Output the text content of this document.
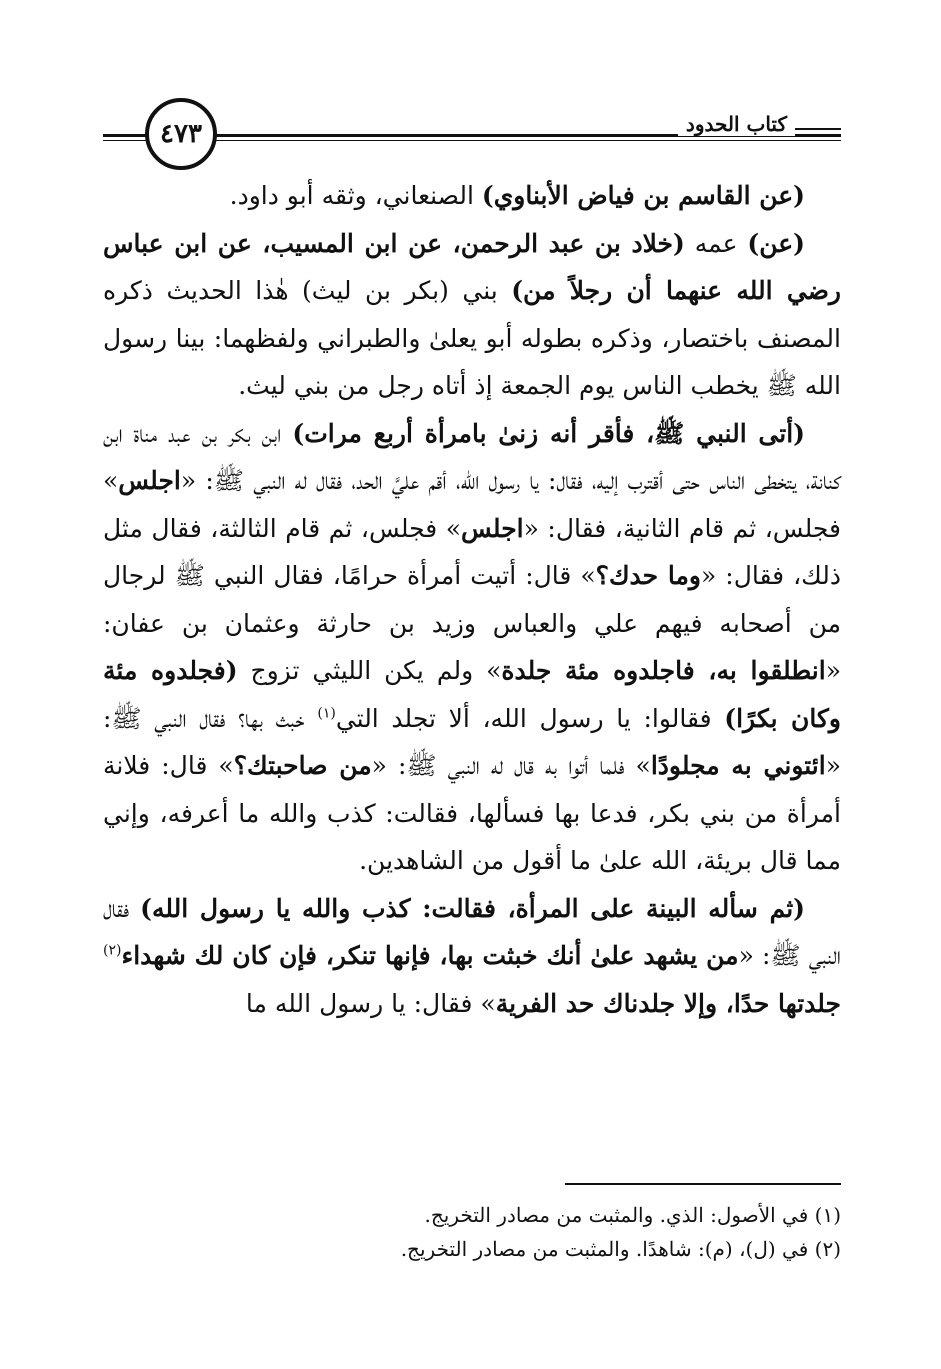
كتاب الحدود
٤٧٣

(عن القاسم بن فياض الأبناوي) الصنعاني، وثقه أبو داود.

(عن) عمه (خلاد بن عبد الرحمن، عن ابن المسيب، عن ابن عباس رضي الله عنهما أن رجلاً من) بني (بكر بن ليث) هٰذا الحديث ذكره المصنف باختصار، وذكره بطوله أبو يعلىٰ والطبراني ولفظهما: بينا رسول الله ﷺ يخطب الناس يوم الجمعة إذ أتاه رجل من بني ليث.

(أتى النبي ﷺ، فأقر أنه زنىٰ بامرأة أربع مرات) ابن بكر بن عبد مناة ابن كنانة، يتخطى الناس حتى أقترب إليه، فقال: يا رسول الله، أقم عليَّ الحد، فقال له النبي ﷺ: «اجلس» فجلس، ثم قام الثانية، فقال: «اجلس» فجلس، ثم قام الثالثة، فقال مثل ذلك، فقال: «وما حدك؟» قال: أتيت أمرأة حرامًا، فقال النبي ﷺ لرجال من أصحابه فيهم علي والعباس وزيد بن حارثة وعثمان بن عفان: «انطلقوا به، فاجلدوه مئة جلدة» ولم يكن الليثي تزوج (فجلدوه مئة وكان بكرًا) فقالوا: يا رسول الله، ألا تجلد التي$^{(١)}$ خبث بها؟ فقال النبي ﷺ: «ائتوني به مجلودًا» فلما أتوا به قال له النبي ﷺ: «من صاحبتك؟» قال: فلانة أمرأة من بني بكر، فدعا بها فسألها، فقالت: كذب والله ما أعرفه، وإني مما قال بريئة، الله علىٰ ما أقول من الشاهدين.

(ثم سأله البينة على المرأة، فقالت: كذب والله يا رسول الله) فقال النبي ﷺ: «من يشهد علىٰ أنك خبثت بها، فإنها تنكر، فإن كان لك شهداء$^{(٢)}$ جلدتها حدًا، وإلا جلدناك حد الفرية» فقال: يا رسول الله ما

(١) في الأصول: الذي. والمثبت من مصادر التخريج.
(٢) في (ل)، (م): شاهدًا. والمثبت من مصادر التخريج.
